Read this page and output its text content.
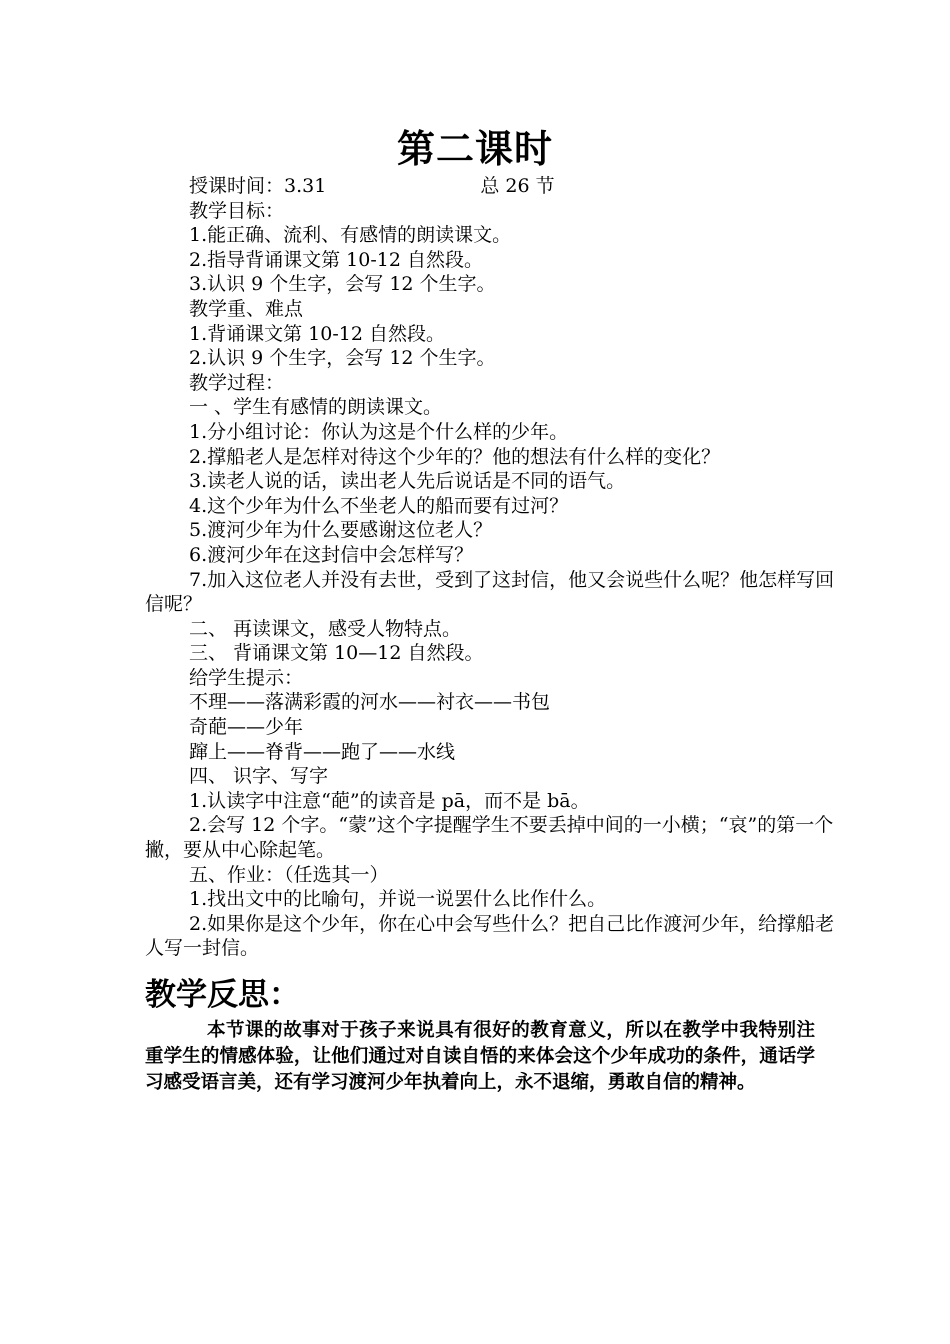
第二课时
授课时间：3.31	总 26 节
教学目标：
1.能正确、流利、有感情的朗读课文。
2.指导背诵课文第 10-12 自然段。
3.认识 9 个生字，会写 12 个生字。
教学重、难点
1.背诵课文第 10-12 自然段。
2.认识 9 个生字，会写 12 个生字。
教学过程：
一 、学生有感情的朗读课文。
1.分小组讨论：你认为这是个什么样的少年。
2.撑船老人是怎样对待这个少年的？他的想法有什么样的变化？
3.读老人说的话，读出老人先后说话是不同的语气。
4.这个少年为什么不坐老人的船而要有过河？
5.渡河少年为什么要感谢这位老人？
6.渡河少年在这封信中会怎样写？
7.加入这位老人并没有去世，受到了这封信，他又会说些什么呢？他怎样写回信呢？
二、 再读课文，感受人物特点。
三、 背诵课文第 10—12 自然段。
给学生提示：
不理——落满彩霞的河水——衬衣——书包
奇葩——少年
蹿上——脊背——跑了——水线
四、 识字、写字
1.认读字中注意“葩”的读音是 pā，而不是 bā。
2.会写 12 个字。“蒙”这个字提醒学生不要丢掉中间的一小横；“哀”的第一个撇，要从中心除起笔。
五、作业：（任选其一）
1.找出文中的比喻句，并说一说罢什么比作什么。
2.如果你是这个少年，你在心中会写些什么？把自己比作渡河少年，给撑船老人写一封信。
教学反思：
本节课的故事对于孩子来说具有很好的教育意义，所以在教学中我特别注重学生的情感体验，让他们通过对自读自悟的来体会这个少年成功的条件，通话学习感受语言美，还有学习渡河少年执着向上，永不退缩，勇敢自信的精神。
